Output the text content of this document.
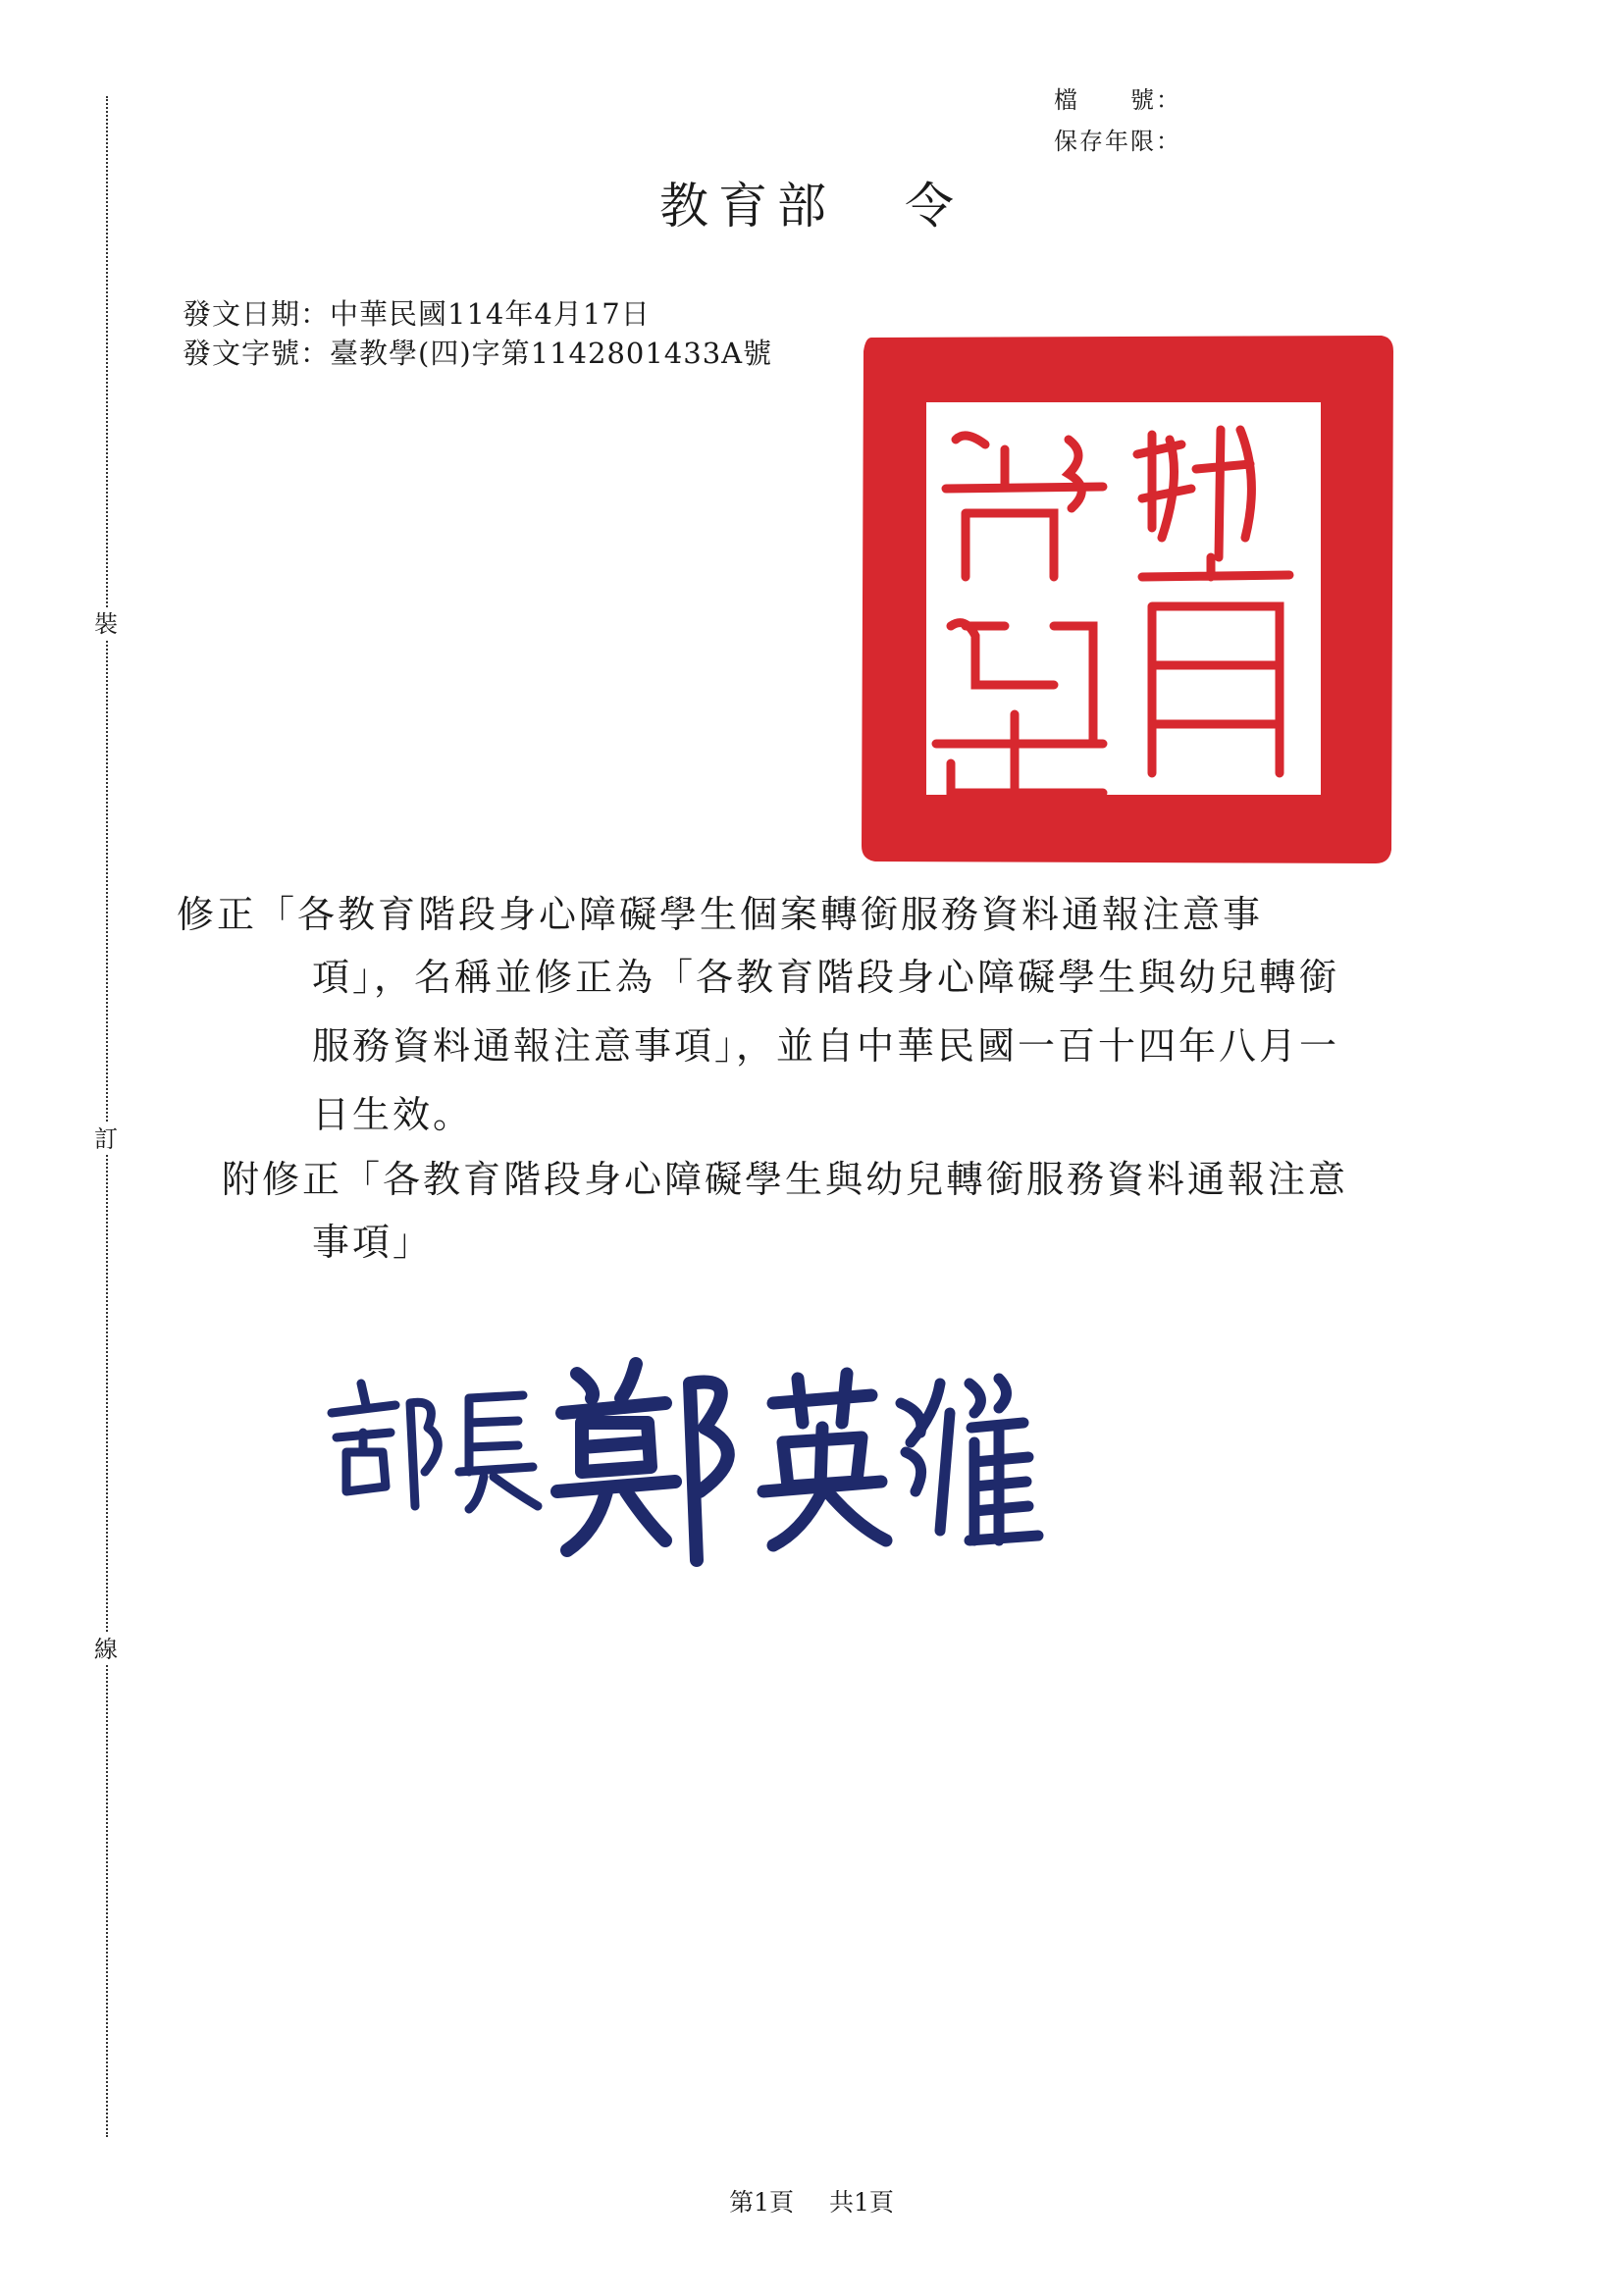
裝
訂
線
檔　　號：
保存年限：
教育部 令
發文日期：中華民國114年4月17日
發文字號：臺教學(四)字第1142801433A號
修正「各教育階段身心障礙學生個案轉銜服務資料通報注意事
項」，名稱並修正為「各教育階段身心障礙學生與幼兒轉銜
服務資料通報注意事項」，並自中華民國一百十四年八月一
日生效。
附修正「各教育階段身心障礙學生與幼兒轉銜服務資料通報注意
事項」
第1頁 共1頁
